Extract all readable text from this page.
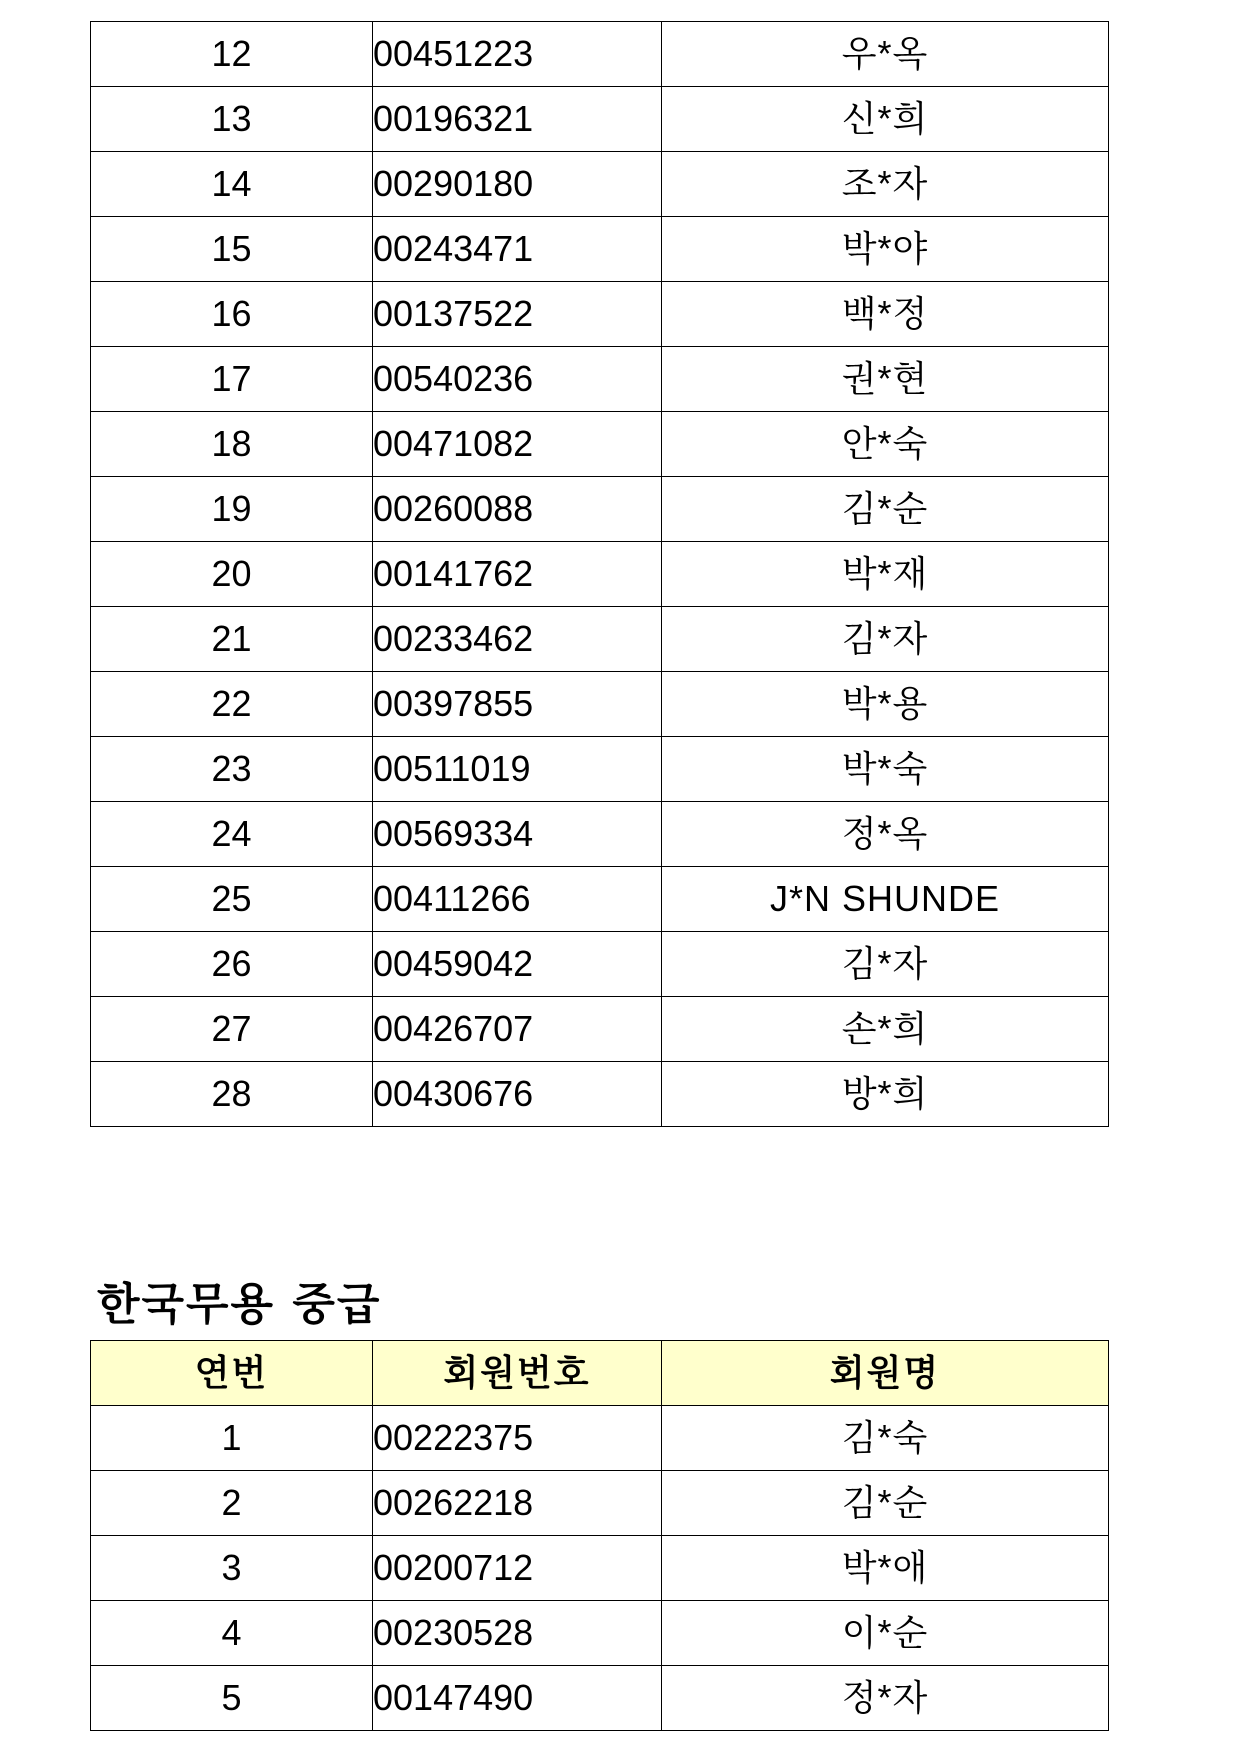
12	00451223	우*옥
13	00196321	신*희
14	00290180	조*자
15	00243471	박*야
16	00137522	백*정
17	00540236	권*현
18	00471082	안*숙
19	00260088	김*순
20	00141762	박*재
21	00233462	김*자
22	00397855	박*용
23	00511019	박*숙
24	00569334	정*옥
25	00411266	J*N SHUNDE
26	00459042	김*자
27	00426707	손*희
28	00430676	방*희
한국무용 중급
연번	회원번호	회원명
1	00222375	김*숙
2	00262218	김*순
3	00200712	박*애
4	00230528	이*순
5	00147490	정*자
